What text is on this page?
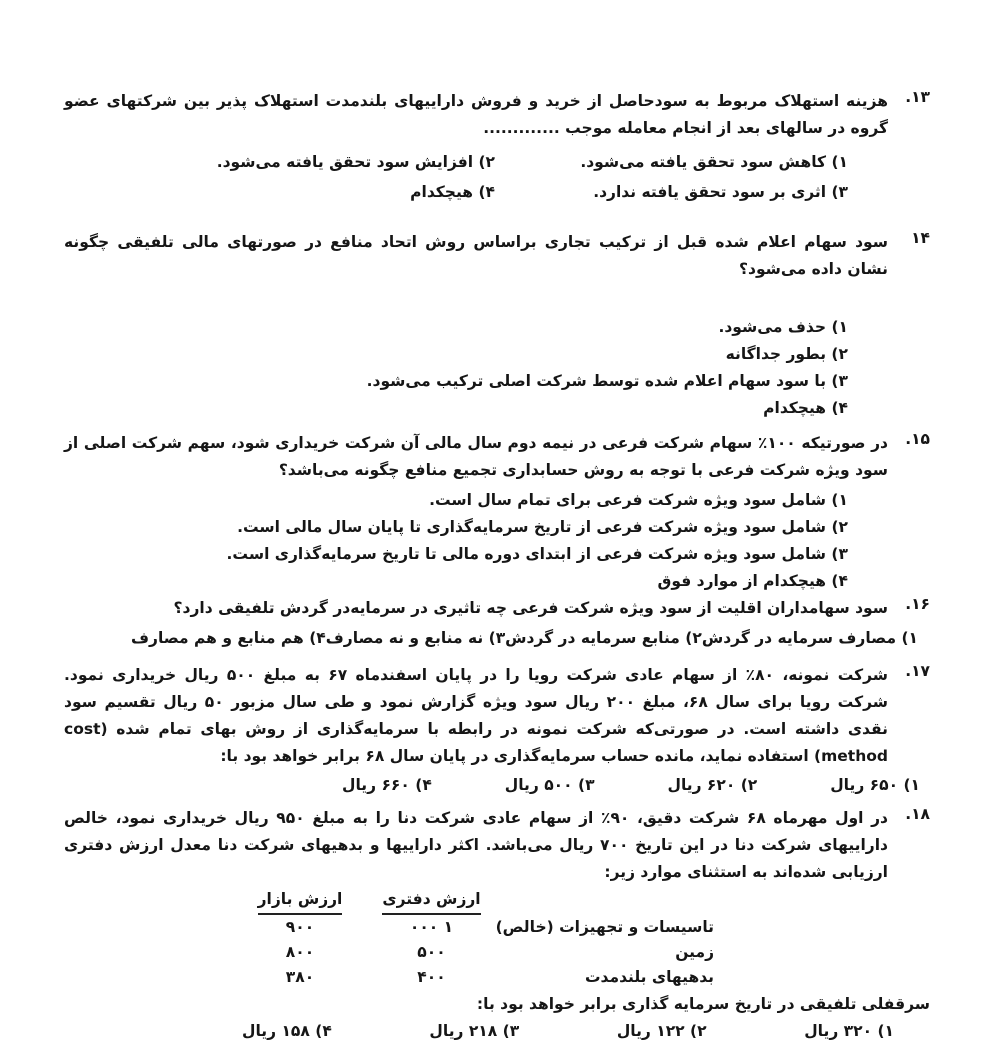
۱۳.

هزینه استهلاک مربوط به سودحاصل از خرید و فروش داراییهای بلندمدت استهلاک پذیر بین شرکتهای عضو گروه در سالهای بعد از انجام معامله موجب .............

۱) کاهش سود تحقق یافته می‌شود.
۲) افزایش سود تحقق یافته می‌شود.
۳) اثری بر سود تحقق یافته ندارد.
۴) هیچکدام
۱۴

سود سهام اعلام شده قبل از ترکیب تجاری براساس روش اتحاد منافع در صورتهای مالی تلفیقی چگونه نشان داده می‌شود؟

۱) حذف می‌شود.
۲) بطور جداگانه
۳) با سود سهام اعلام شده توسط شرکت اصلی ترکیب می‌شود.
۴) هیچکدام
۱۵.

در صورتیکه ۱۰۰٪ سهام شرکت فرعی در نیمه دوم سال مالی آن شرکت خریداری شود، سهم شرکت اصلی از سود ویژه شرکت فرعی با توجه به روش حسابداری تجمیع منافع چگونه می‌باشد؟

۱) شامل سود ویژه شرکت فرعی برای تمام سال است.
۲) شامل سود ویژه شرکت فرعی از تاریخ سرمایه‌گذاری تا پایان سال مالی است.
۳) شامل سود ویژه شرکت فرعی از ابتدای دوره مالی تا تاریخ سرمایه‌گذاری است.
۴) هیچکدام از موارد فوق
۱۶.

سود سهامداران اقلیت از سود ویژه شرکت فرعی چه تاثیری در سرمایه‌در گردش تلفیقی دارد؟

۱) مصارف سرمایه در گردش
۲) منابع سرمایه در گردش
۳) نه منابع و نه مصارف
۴) هم منابع و هم مصارف
۱۷.

شرکت نمونه، ۸۰٪ از سهام عادی شرکت رویا را در پایان اسفندماه ۶۷ به مبلغ ۵۰۰ ریال خریداری نمود. شرکت رویا برای سال ۶۸، مبلغ ۲۰۰ ریال سود ویژه گزارش نمود و طی سال مزبور ۵۰ ریال تقسیم سود نقدی داشته است. در صورتی‌که شرکت نمونه در رابطه با سرمایه‌گذاری از روش بهای تمام شده (cost method) استفاده نماید، مانده حساب سرمایه‌گذاری در پایان سال ۶۸ برابر خواهد بود با:

۱) ۶۵۰ ریال
۲) ۶۲۰ ریال
۳) ۵۰۰ ریال
۴) ۶۶۰ ریال
۱۸.

در اول مهرماه ۶۸ شرکت دقیق، ۹۰٪ از سهام عادی شرکت دنا را به مبلغ ۹۵۰ ریال خریداری نمود، خالص داراییهای شرکت دنا در این تاریخ ۷۰۰ ریال می‌باشد. اکثر داراییها و بدهیهای شرکت دنا معدل ارزش دفتری ارزیابی شده‌اند به استثنای موارد زیر:

ارزش دفتری
ارزش بازار
تاسیسات و تجهیزات (خالص)
۱ ۰۰۰
۹۰۰
زمین
۵۰۰
۸۰۰
بدهیهای بلندمدت
۴۰۰
۳۸۰

سرقفلی تلفیقی در تاریخ سرمایه گذاری برابر خواهد بود با:

۱) ۳۲۰ ریال
۲) ۱۲۲ ریال
۳) ۲۱۸ ریال
۴) ۱۵۸ ریال
